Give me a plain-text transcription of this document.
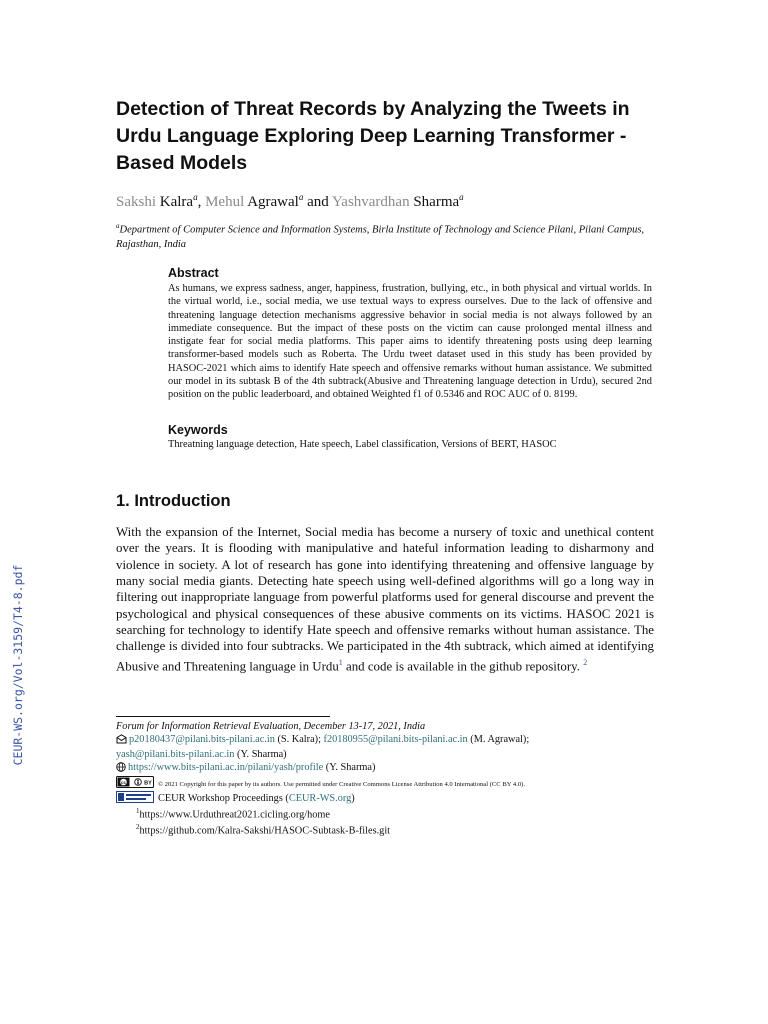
CEUR-WS.org/Vol-3159/T4-8.pdf
Detection of Threat Records by Analyzing the Tweets in Urdu Language Exploring Deep Learning Transformer - Based Models
Sakshi Kalra$^a$, Mehul Agrawal$^a$ and Yashvardhan Sharma$^a$
$^a$Department of Computer Science and Information Systems, Birla Institute of Technology and Science Pilani, Pilani Campus, Rajasthan, India
Abstract
As humans, we express sadness, anger, happiness, frustration, bullying, etc., in both physical and virtual worlds. In the virtual world, i.e., social media, we use textual ways to express ourselves. Due to the lack of offensive and threatening language detection mechanisms aggressive behavior in social media is not always followed by an immediate consequence. But the impact of these posts on the victim can cause prolonged mental illness and instigate fear for social media platforms. This paper aims to identify threatening posts using deep learning transformer-based models such as Roberta. The Urdu tweet dataset used in this study has been provided by HASOC-2021 which aims to identify Hate speech and offensive remarks without human assistance. We submitted our model in its subtask B of the 4th subtrack(Abusive and Threatening language detection in Urdu), secured 2nd position on the public leaderboard, and obtained Weighted f1 of 0.5346 and ROC AUC of 0. 8199.
Keywords
Threatning language detection, Hate speech, Label classification, Versions of BERT, HASOC
1. Introduction
With the expansion of the Internet, Social media has become a nursery of toxic and unethical content over the years. It is flooding with manipulative and hateful information leading to disharmony and violence in society. A lot of research has gone into identifying threatening and offensive language by many social media giants. Detecting hate speech using well-defined algorithms will go a long way in filtering out inappropriate language from powerful platforms used for general discourse and prevent the psychological and physical consequences of these abusive comments on its victims. HASOC 2021 is searching for technology to identify Hate speech and offensive remarks without human assistance. The challenge is divided into four subtracks. We participated in the 4th subtrack, which aimed at identifying Abusive and Threatening language in Urdu$^1$ and code is available in the github repository. $^2$
Forum for Information Retrieval Evaluation, December 13-17, 2021, India
p20180437@pilani.bits-pilani.ac.in (S. Kalra); f20180955@pilani.bits-pilani.ac.in (M. Agrawal);
yash@pilani.bits-pilani.ac.in (Y. Sharma)
https://www.bits-pilani.ac.in/pilani/yash/profile (Y. Sharma)
cc	BY © 2021 Copyright for this paper by its authors. Use permitted under Creative Commons License Attribution 4.0 International (CC BY 4.0).
CEUR Workshop Proceedings (CEUR-WS.org)
$^1$https://www.Urduthreat2021.cicling.org/home
$^2$https://github.com/Kalra-Sakshi/HASOC-Subtask-B-files.git
